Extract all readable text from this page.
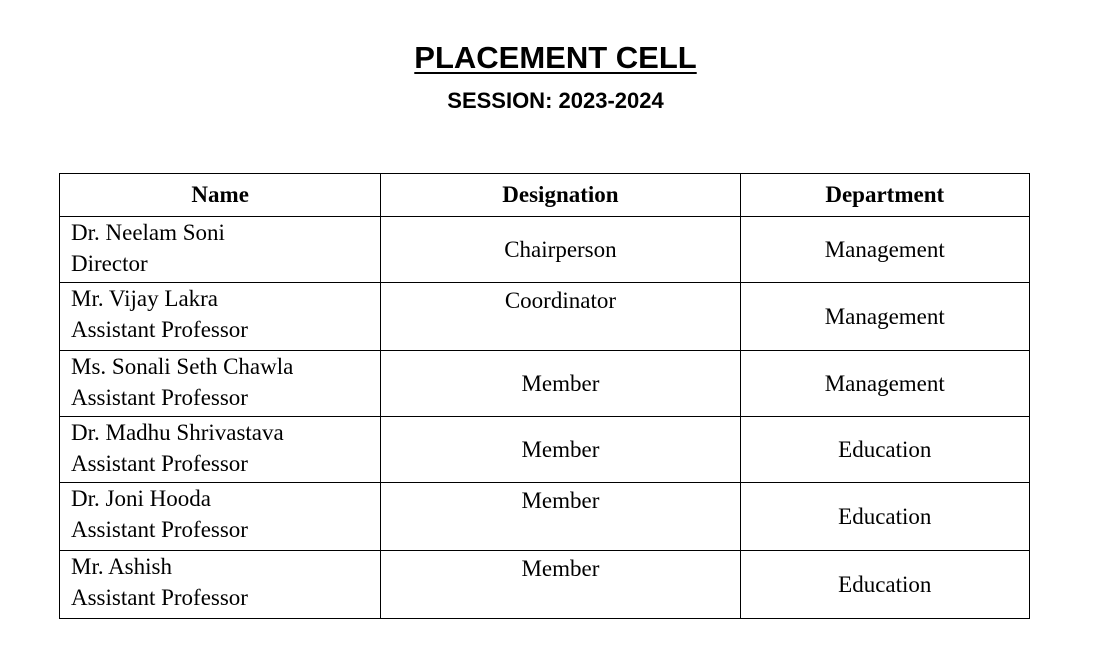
PLACEMENT CELL
SESSION: 2023-2024
Name	Designation	Department

Dr. Neelam Soni
Director	Chairperson	Management

Mr. Vijay Lakra
Assistant Professor	Coordinator	Management

Ms. Sonali Seth Chawla
Assistant Professor	Member	Management

Dr. Madhu Shrivastava
Assistant Professor	Member	Education

Dr. Joni Hooda
Assistant Professor	Member	Education

Mr. Ashish
Assistant Professor	Member	Education
